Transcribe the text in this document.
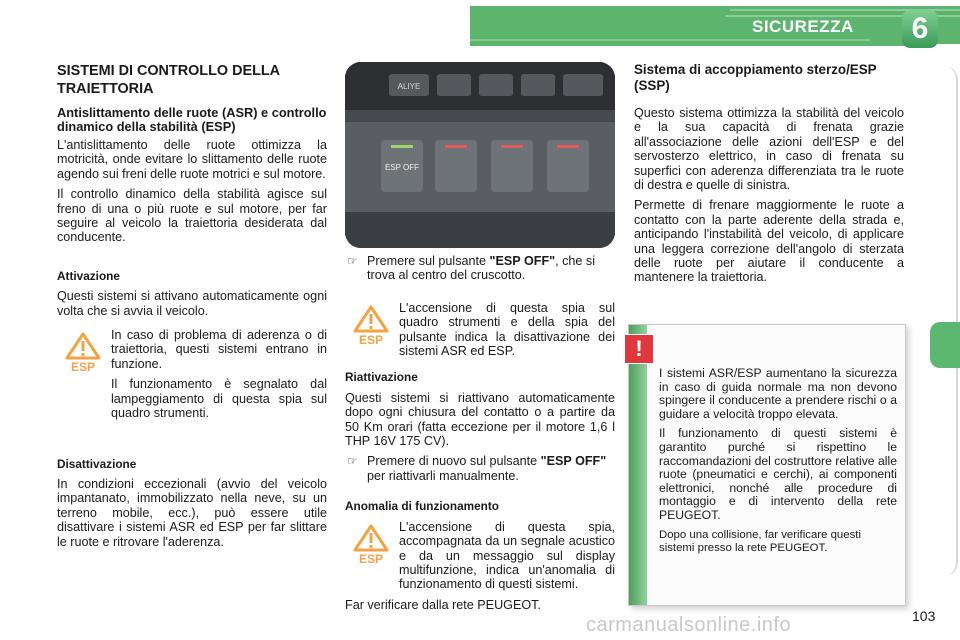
SICUREZZA	6
SISTEMI DI CONTROLLO DELLA TRAIETTORIA
Antislittamento delle ruote (ASR) e controllo dinamico della stabilità (ESP)

L'antislittamento delle ruote ottimizza la motricità, onde evitare lo slittamento delle ruote agendo sui freni delle ruote motrici e sul motore.

Il controllo dinamico della stabilità agisce sul freno di una o più ruote e sul motore, per far seguire al veicolo la traiettoria desiderata dal conducente.

Attivazione

Questi sistemi si attivano automaticamente ogni volta che si avvia il veicolo.

ESP

In caso di problema di aderenza o di traiettoria, questi sistemi entrano in funzione.

Il funzionamento è segnalato dal lampeggiamento di questa spia sul quadro strumenti.

Disattivazione

In condizioni eccezionali (avvio del veicolo impantanato, immobilizzato nella neve, su un terreno mobile, ecc.), può essere utile disattivare i sistemi ASR ed ESP per far slittare le ruote e ritrovare l'aderenza.

ALIYE
ESP OFF
☞ Premere sul pulsante "ESP OFF", che si trova al centro del cruscotto.

ESP

L'accensione di questa spia sul quadro strumenti e della spia del pulsante indica la disattivazione dei sistemi ASR ed ESP.

Riattivazione

Questi sistemi si riattivano automaticamente dopo ogni chiusura del contatto o a partire da 50 Km orari (fatta eccezione per il motore 1,6 l THP 16V 175 CV).

☞ Premere di nuovo sul pulsante "ESP OFF" per riattivarli manualmente.

Anomalia di funzionamento
ESP

L'accensione di questa spia, accompagnata da un segnale acustico e da un messaggio sul display multifunzione, indica un'anomalia di funzionamento di questi sistemi.

Far verificare dalla rete PEUGEOT.

Sistema di accoppiamento sterzo/ESP (SSP)

Questo sistema ottimizza la stabilità del veicolo e la sua capacità di frenata grazie all'associazione delle azioni dell'ESP e del servosterzo elettrico, in caso di frenata su superfici con aderenza differenziata tra le ruote di destra e quelle di sinistra.

Permette di frenare maggiormente le ruote a contatto con la parte aderente della strada e, anticipando l'instabilità del veicolo, di applicare una leggera correzione dell'angolo di sterzata delle ruote per aiutare il conducente a mantenere la traiettoria.

I sistemi ASR/ESP aumentano la sicurezza in caso di guida normale ma non devono spingere il conducente a prendere rischi o a guidare a velocità troppo elevata.

Il funzionamento di questi sistemi è garantito purché si rispettino le raccomandazioni del costruttore relative alle ruote (pneumatici e cerchi), ai componenti elettronici, nonché alle procedure di montaggio e di intervento della rete PEUGEOT.

Dopo una collisione, far verificare questi sistemi presso la rete PEUGEOT.

!
103
carmanualsonline.info
